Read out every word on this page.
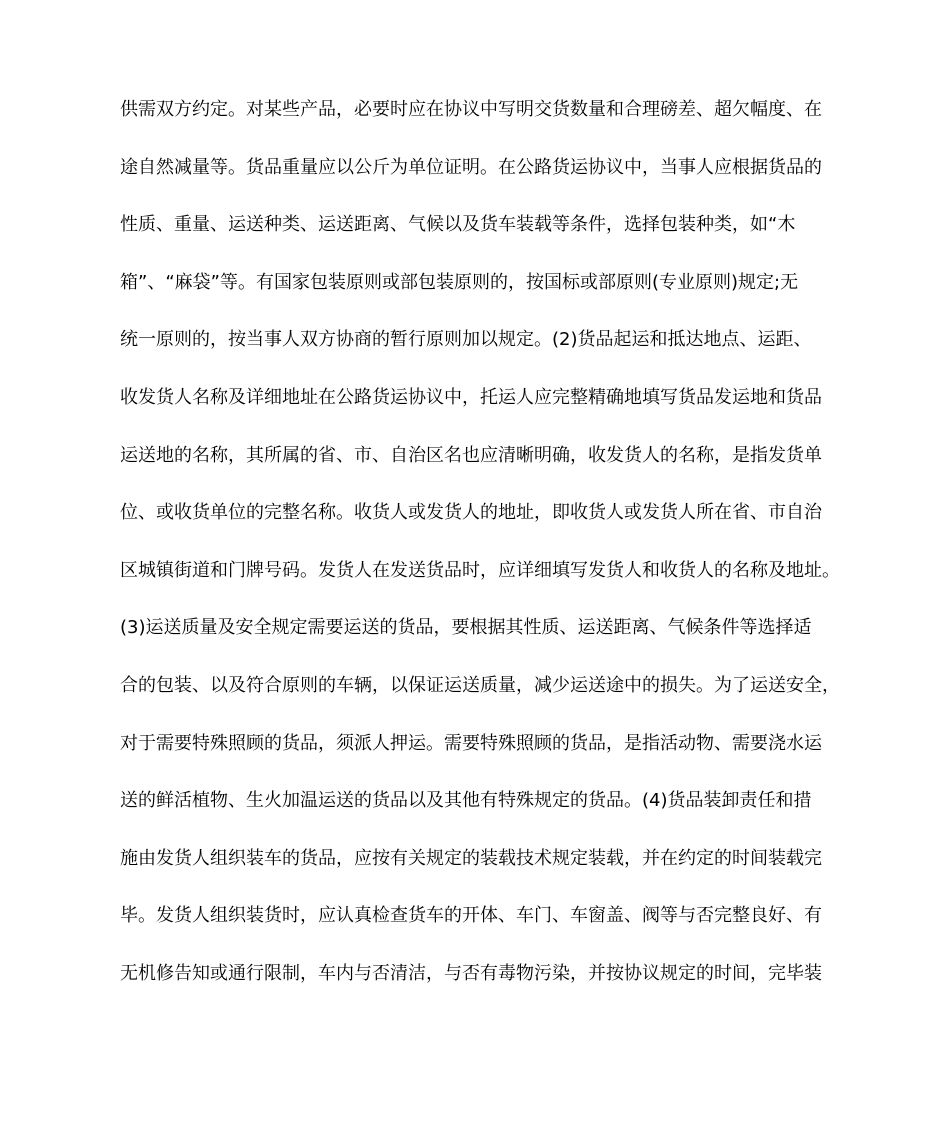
供需双方约定。对某些产品，必要时应在协议中写明交货数量和合理磅差、超欠幅度、在
途自然减量等。货品重量应以公斤为单位证明。在公路货运协议中，当事人应根据货品的
性质、重量、运送种类、运送距离、气候以及货车装载等条件，选择包装种类，如“木
箱”、“麻袋”等。有国家包装原则或部包装原则的，按国标或部原则(专业原则)规定;无
统一原则的，按当事人双方协商的暂行原则加以规定。(2)货品起运和抵达地点、运距、
收发货人名称及详细地址在公路货运协议中，托运人应完整精确地填写货品发运地和货品
运送地的名称，其所属的省、市、自治区名也应清晰明确，收发货人的名称，是指发货单
位、或收货单位的完整名称。收货人或发货人的地址，即收货人或发货人所在省、市自治
区城镇街道和门牌号码。发货人在发送货品时，应详细填写发货人和收货人的名称及地址。
(3)运送质量及安全规定需要运送的货品，要根据其性质、运送距离、气候条件等选择适
合的包装、以及符合原则的车辆，以保证运送质量，减少运送途中的损失。为了运送安全，
对于需要特殊照顾的货品，须派人押运。需要特殊照顾的货品，是指活动物、需要浇水运
送的鲜活植物、生火加温运送的货品以及其他有特殊规定的货品。(4)货品装卸责任和措
施由发货人组织装车的货品，应按有关规定的装载技术规定装载，并在约定的时间装载完
毕。发货人组织装货时，应认真检查货车的开体、车门、车窗盖、阀等与否完整良好、有
无机修告知或通行限制，车内与否清洁，与否有毒物污染，并按协议规定的时间，完毕装
